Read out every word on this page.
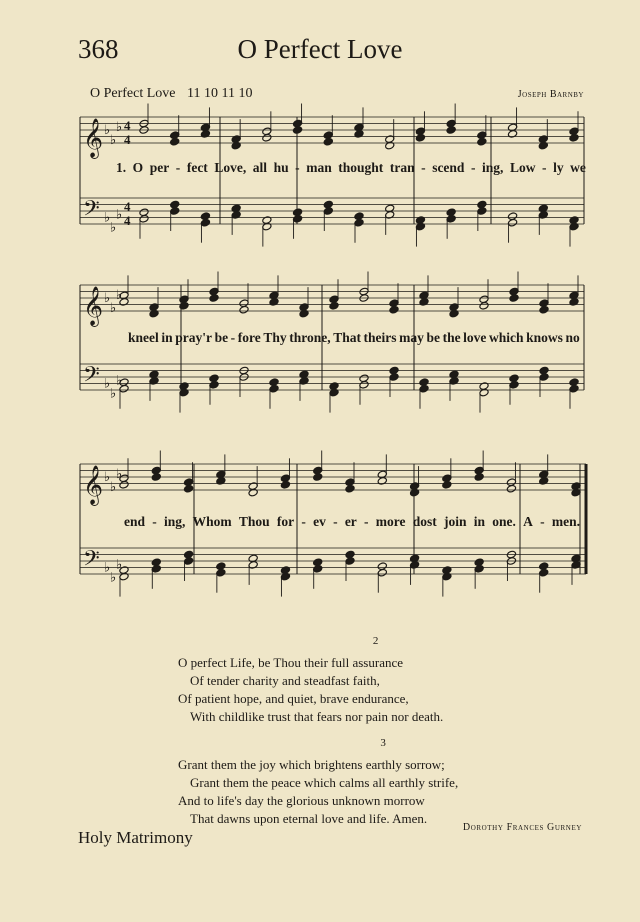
368	O Perfect Love
O Perfect Love 11 10 11 10	Joseph Barnby
𝄞 ♭
♭
♭ 4
4
𝄢 ♭
♭
♭ 4
4
𝄞 ♭
♭
♭
𝄢 ♭
♭
♭
𝄞 ♭
♭
♭
𝄢 ♭
♭
♭
1. O per - fect Love, all hu - man thought tran - scend - ing, Low - ly we
kneel in pray'r be - fore Thy throne, That theirs may be the love which knows no
end - ing, Whom Thou for - ev - er - more dost join in one. A - men.
2
O perfect Life, be Thou their full assurance
Of tender charity and steadfast faith,
Of patient hope, and quiet, brave endurance,
With childlike trust that fears nor pain nor death.
3
Grant them the joy which brightens earthly sorrow;
Grant them the peace which calms all earthly strife,
And to life's day the glorious unknown morrow
That dawns upon eternal love and life. Amen.
Dorothy Frances Gurney
Holy Matrimony
